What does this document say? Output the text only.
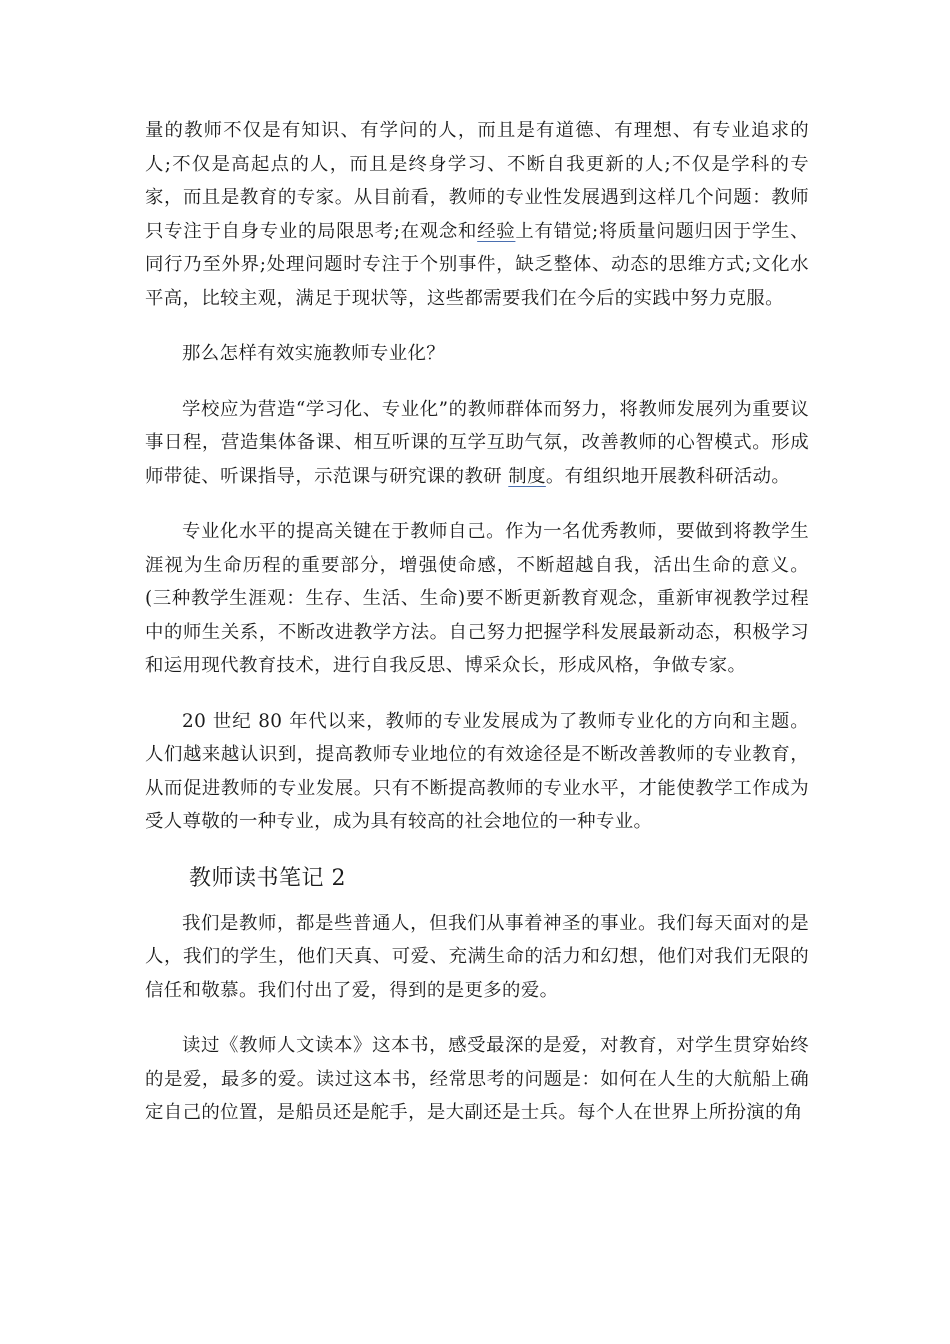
量的教师不仅是有知识、有学问的人，而且是有道德、有理想、有专业追求的人;不仅是高起点的人，而且是终身学习、不断自我更新的人;不仅是学科的专家，而且是教育的专家。从目前看，教师的专业性发展遇到这样几个问题：教师只专注于自身专业的局限思考;在观念和经验上有错觉;将质量问题归因于学生、同行乃至外界;处理问题时专注于个别事件，缺乏整体、动态的思维方式;文化水平高，比较主观，满足于现状等，这些都需要我们在今后的实践中努力克服。

那么怎样有效实施教师专业化？

学校应为营造“学习化、专业化”的教师群体而努力，将教师发展列为重要议事日程，营造集体备课、相互听课的互学互助气氛，改善教师的心智模式。形成师带徒、听课指导，示范课与研究课的教研 制度。有组织地开展教科研活动。

专业化水平的提高关键在于教师自己。作为一名优秀教师，要做到将教学生涯视为生命历程的重要部分，增强使命感，不断超越自我，活出生命的意义。(三种教学生涯观：生存、生活、生命)要不断更新教育观念，重新审视教学过程中的师生关系，不断改进教学方法。自己努力把握学科发展最新动态，积极学习和运用现代教育技术，进行自我反思、博采众长，形成风格，争做专家。

20 世纪 80 年代以来，教师的专业发展成为了教师专业化的方向和主题。人们越来越认识到，提高教师专业地位的有效途径是不断改善教师的专业教育，从而促进教师的专业发展。只有不断提高教师的专业水平，才能使教学工作成为受人尊敬的一种专业，成为具有较高的社会地位的一种专业。

教师读书笔记 2

我们是教师，都是些普通人，但我们从事着神圣的事业。我们每天面对的是人，我们的学生，他们天真、可爱、充满生命的活力和幻想，他们对我们无限的信任和敬慕。我们付出了爱，得到的是更多的爱。

读过《教师人文读本》这本书，感受最深的是爱，对教育，对学生贯穿始终的是爱，最多的爱。读过这本书，经常思考的问题是：如何在人生的大航船上确定自己的位置，是船员还是舵手，是大副还是士兵。每个人在世界上所扮演的角
